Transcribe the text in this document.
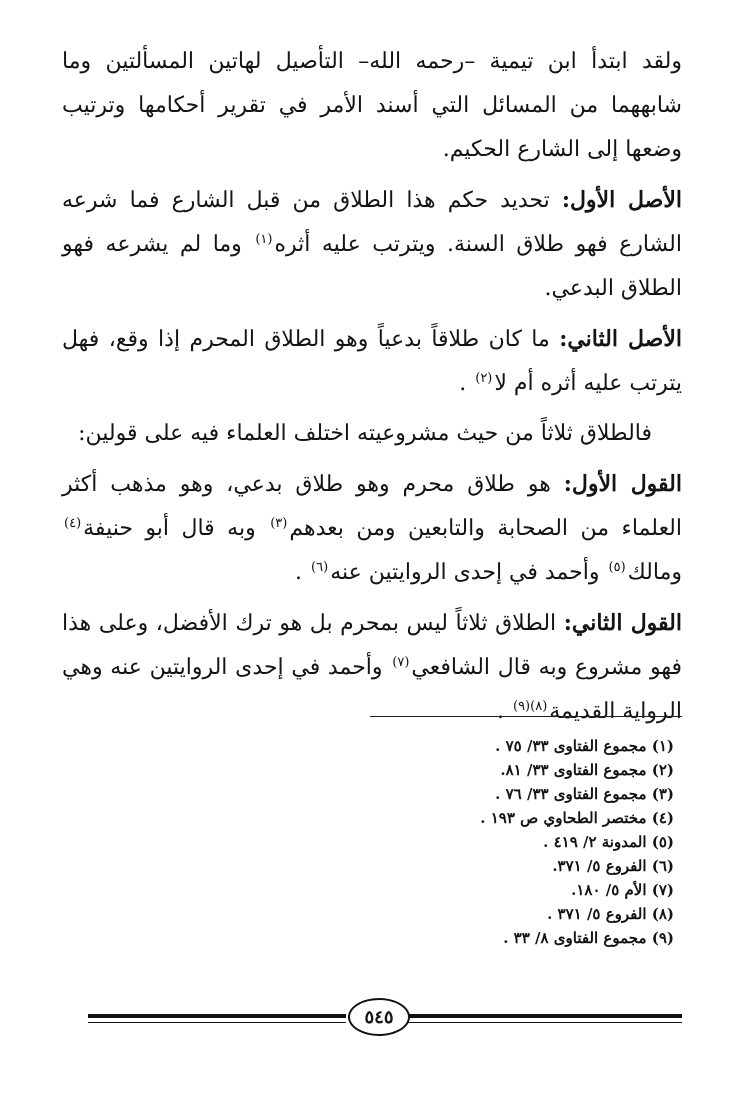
ولقد ابتدأ ابن تيمية –رحمه الله– التأصيل لهاتين المسألتين وما شابههما من المسائل التي أسند الأمر في تقرير أحكامها وترتيب وضعها إلى الشارع الحكيم.

الأصل الأول: تحديد حكم هذا الطلاق من قبل الشارع فما شرعه الشارع فهو طلاق السنة. ويترتب عليه أثره$^{(١)}$ وما لم يشرعه فهو الطلاق البدعي.

الأصل الثاني: ما كان طلاقاً بدعياً وهو الطلاق المحرم إذا وقع، فهل يترتب عليه أثره أم لا$^{(٢)}$ .

فالطلاق ثلاثاً من حيث مشروعيته اختلف العلماء فيه على قولين:

القول الأول: هو طلاق محرم وهو طلاق بدعي، وهو مذهب أكثر العلماء من الصحابة والتابعين ومن بعدهم$^{(٣)}$ وبه قال أبو حنيفة$^{(٤)}$ ومالك$^{(٥)}$ وأحمد في إحدى الروايتين عنه$^{(٦)}$ .

القول الثاني: الطلاق ثلاثاً ليس بمحرم بل هو ترك الأفضل، وعلى هذا فهو مشروع وبه قال الشافعي$^{(٧)}$ وأحمد في إحدى الروايتين عنه وهي الرواية القديمة$^{(٨)(٩)}$ .

(١) مجموع الفتاوى ٣٣/ ٧٥ .
(٢) مجموع الفتاوى ٣٣/ ٨١.
(٣) مجموع الفتاوى ٣٣/ ٧٦ .
(٤) مختصر الطحاوي ص ١٩٣ .
(٥) المدونة ٢/ ٤١٩ .
(٦) الفروع ٥/ ٣٧١.
(٧) الأم ٥/ ١٨٠.
(٨) الفروع ٥/ ٣٧١ .
(٩) مجموع الفتاوى ٨/ ٣٣ .
٥٤٥
